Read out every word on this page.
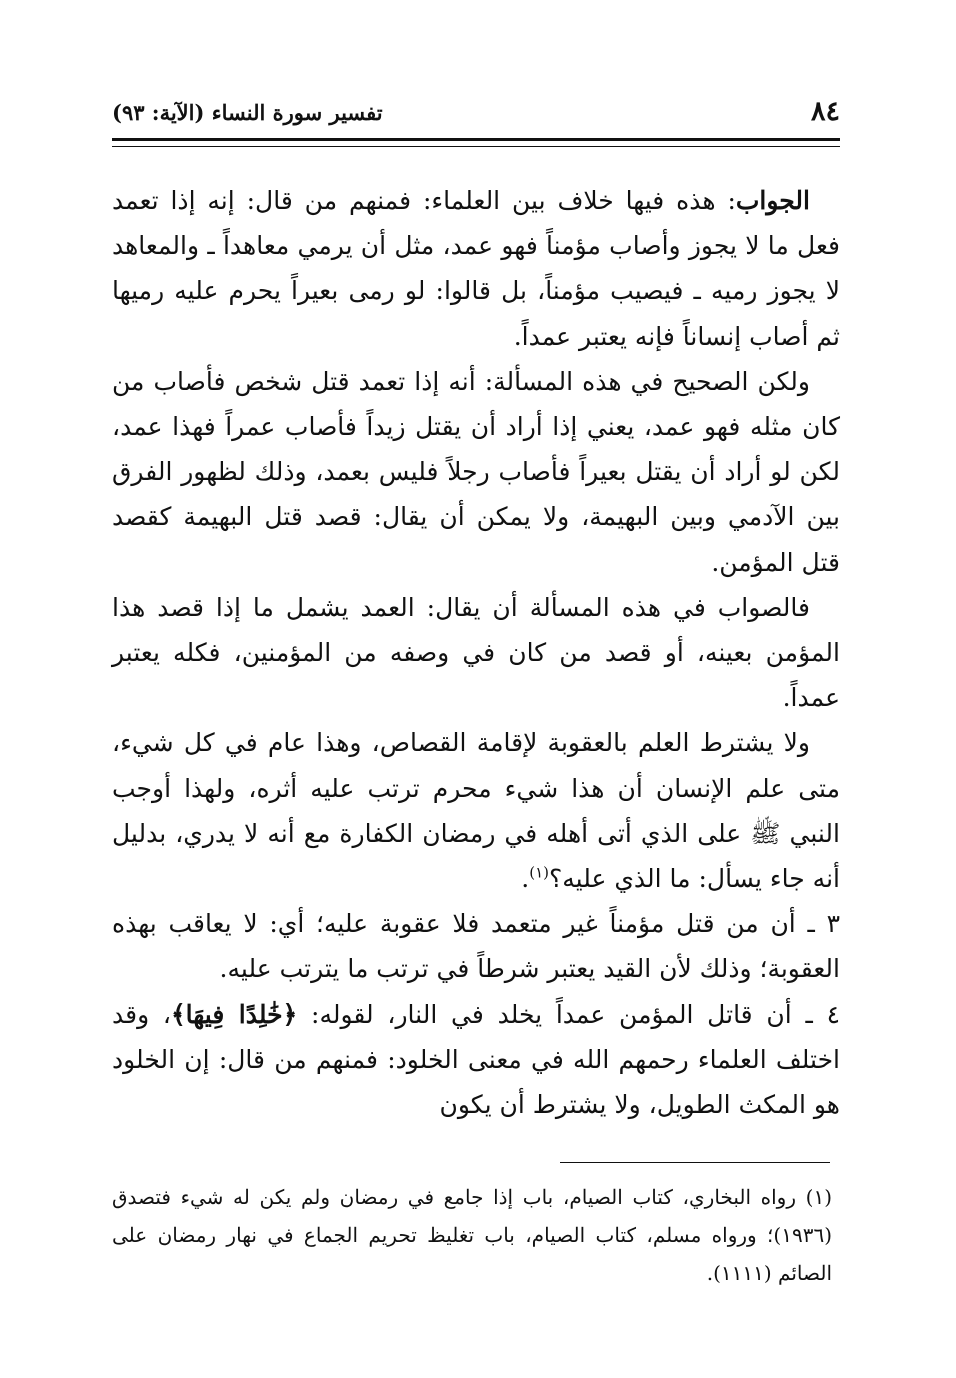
٨٤
تفسير سورة النساء (الآية: ٩٣)

الجواب: هذه فيها خلاف بين العلماء: فمنهم من قال: إنه إذا تعمد فعل ما لا يجوز وأصاب مؤمناً فهو عمد، مثل أن يرمي معاهداً ـ والمعاهد لا يجوز رميه ـ فيصيب مؤمناً، بل قالوا: لو رمى بعيراً يحرم عليه رميها ثم أصاب إنساناً فإنه يعتبر عمداً.

ولكن الصحيح في هذه المسألة: أنه إذا تعمد قتل شخص فأصاب من كان مثله فهو عمد، يعني إذا أراد أن يقتل زيداً فأصاب عمراً فهذا عمد، لكن لو أراد أن يقتل بعيراً فأصاب رجلاً فليس بعمد، وذلك لظهور الفرق بين الآدمي وبين البهيمة، ولا يمكن أن يقال: قصد قتل البهيمة كقصد قتل المؤمن.

فالصواب في هذه المسألة أن يقال: العمد يشمل ما إذا قصد هذا المؤمن بعينه، أو قصد من كان في وصفه من المؤمنين، فكله يعتبر عمداً.

ولا يشترط العلم بالعقوبة لإقامة القصاص، وهذا عام في كل شيء، متى علم الإنسان أن هذا شيء محرم ترتب عليه أثره، ولهذا أوجب النبي ﷺ على الذي أتى أهله في رمضان الكفارة مع أنه لا يدري، بدليل أنه جاء يسأل: ما الذي عليه؟$^{(١)}$.

٣ ـ أن من قتل مؤمناً غير متعمد فلا عقوبة عليه؛ أي: لا يعاقب بهذه العقوبة؛ وذلك لأن القيد يعتبر شرطاً في ترتب ما يترتب عليه.

٤ ـ أن قاتل المؤمن عمداً يخلد في النار، لقوله: ﴿خَٰلِدًا فِيهَا﴾، وقد اختلف العلماء رحمهم الله في معنى الخلود: فمنهم من قال: إن الخلود هو المكث الطويل، ولا يشترط أن يكون

(١) رواه البخاري، كتاب الصيام، باب إذا جامع في رمضان ولم يكن له شيء فتصدق (١٩٣٦)؛ ورواه مسلم، كتاب الصيام، باب تغليظ تحريم الجماع في نهار رمضان على الصائم (١١١١).
